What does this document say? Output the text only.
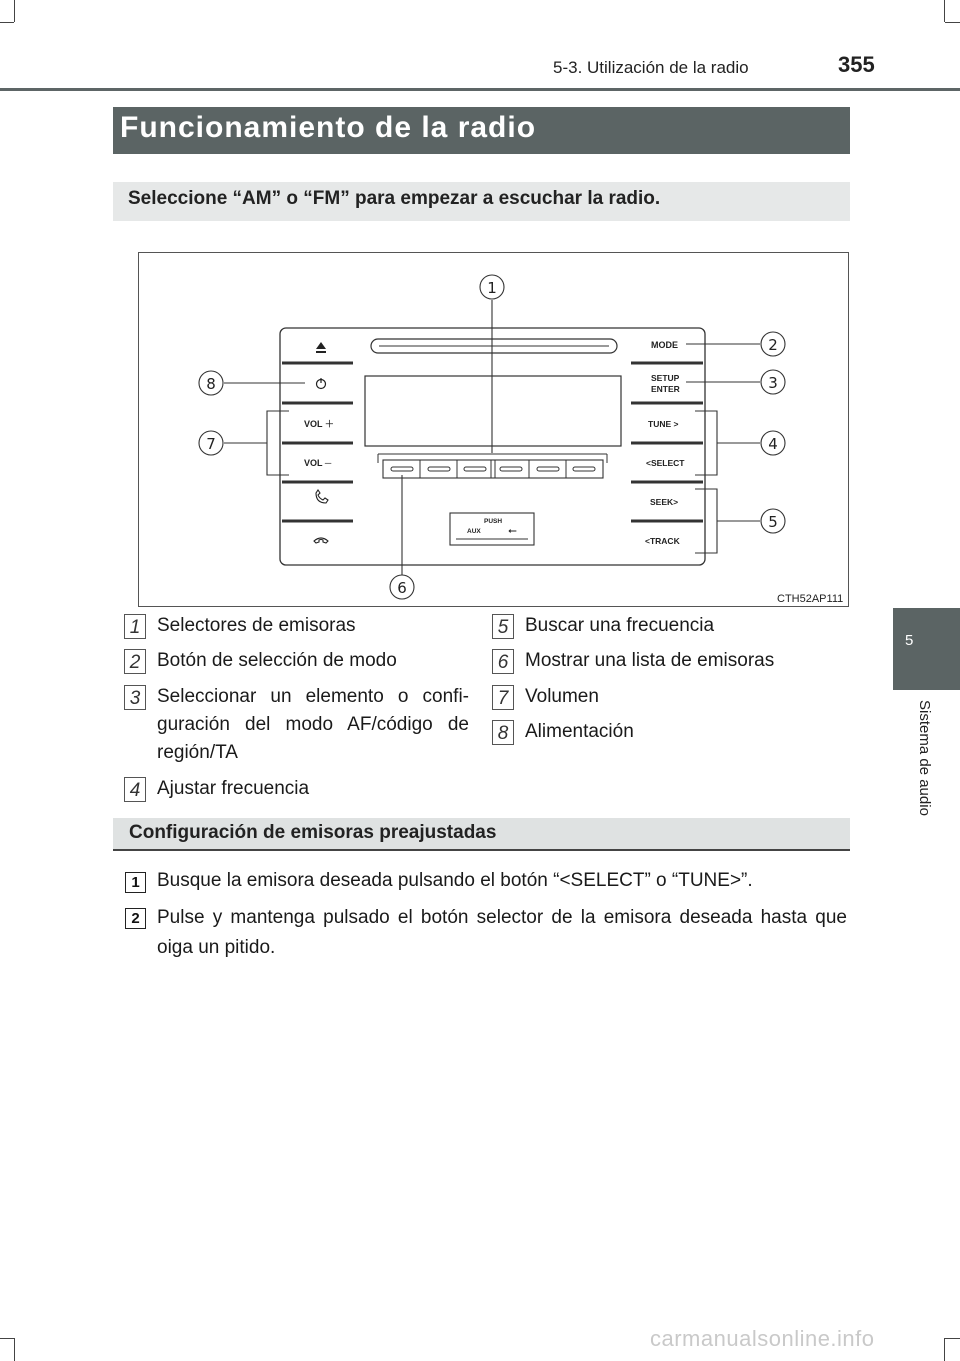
5-3. Utilización de la radio	355
Funcionamiento de la radio
Seleccione “AM” o “FM” para empezar a escuchar la radio.
VOL ＋
VOL ─
MODE
SETUP
ENTER
TUNE >
<SELECT
SEEK>
<TRACK
PUSH
AUX ⭠
1
2
3
4
5
6
7
8
CTH52AP111
1 Selectores de emisoras
2 Botón de selección de modo
3 Seleccionar un elemento o confi- guración del modo AF/código de región/TA
4 Ajustar frecuencia
5 Buscar una frecuencia
6 Mostrar una lista de emisoras
7 Volumen
8 Alimentación
Configuración de emisoras preajustadas
1 Busque la emisora deseada pulsando el botón “<SELECT” o “TUNE>”.
2 Pulse y mantenga pulsado el botón selector de la emisora deseada hasta que oiga un pitido.
5
Sistema de audio
carmanualsonline.info
